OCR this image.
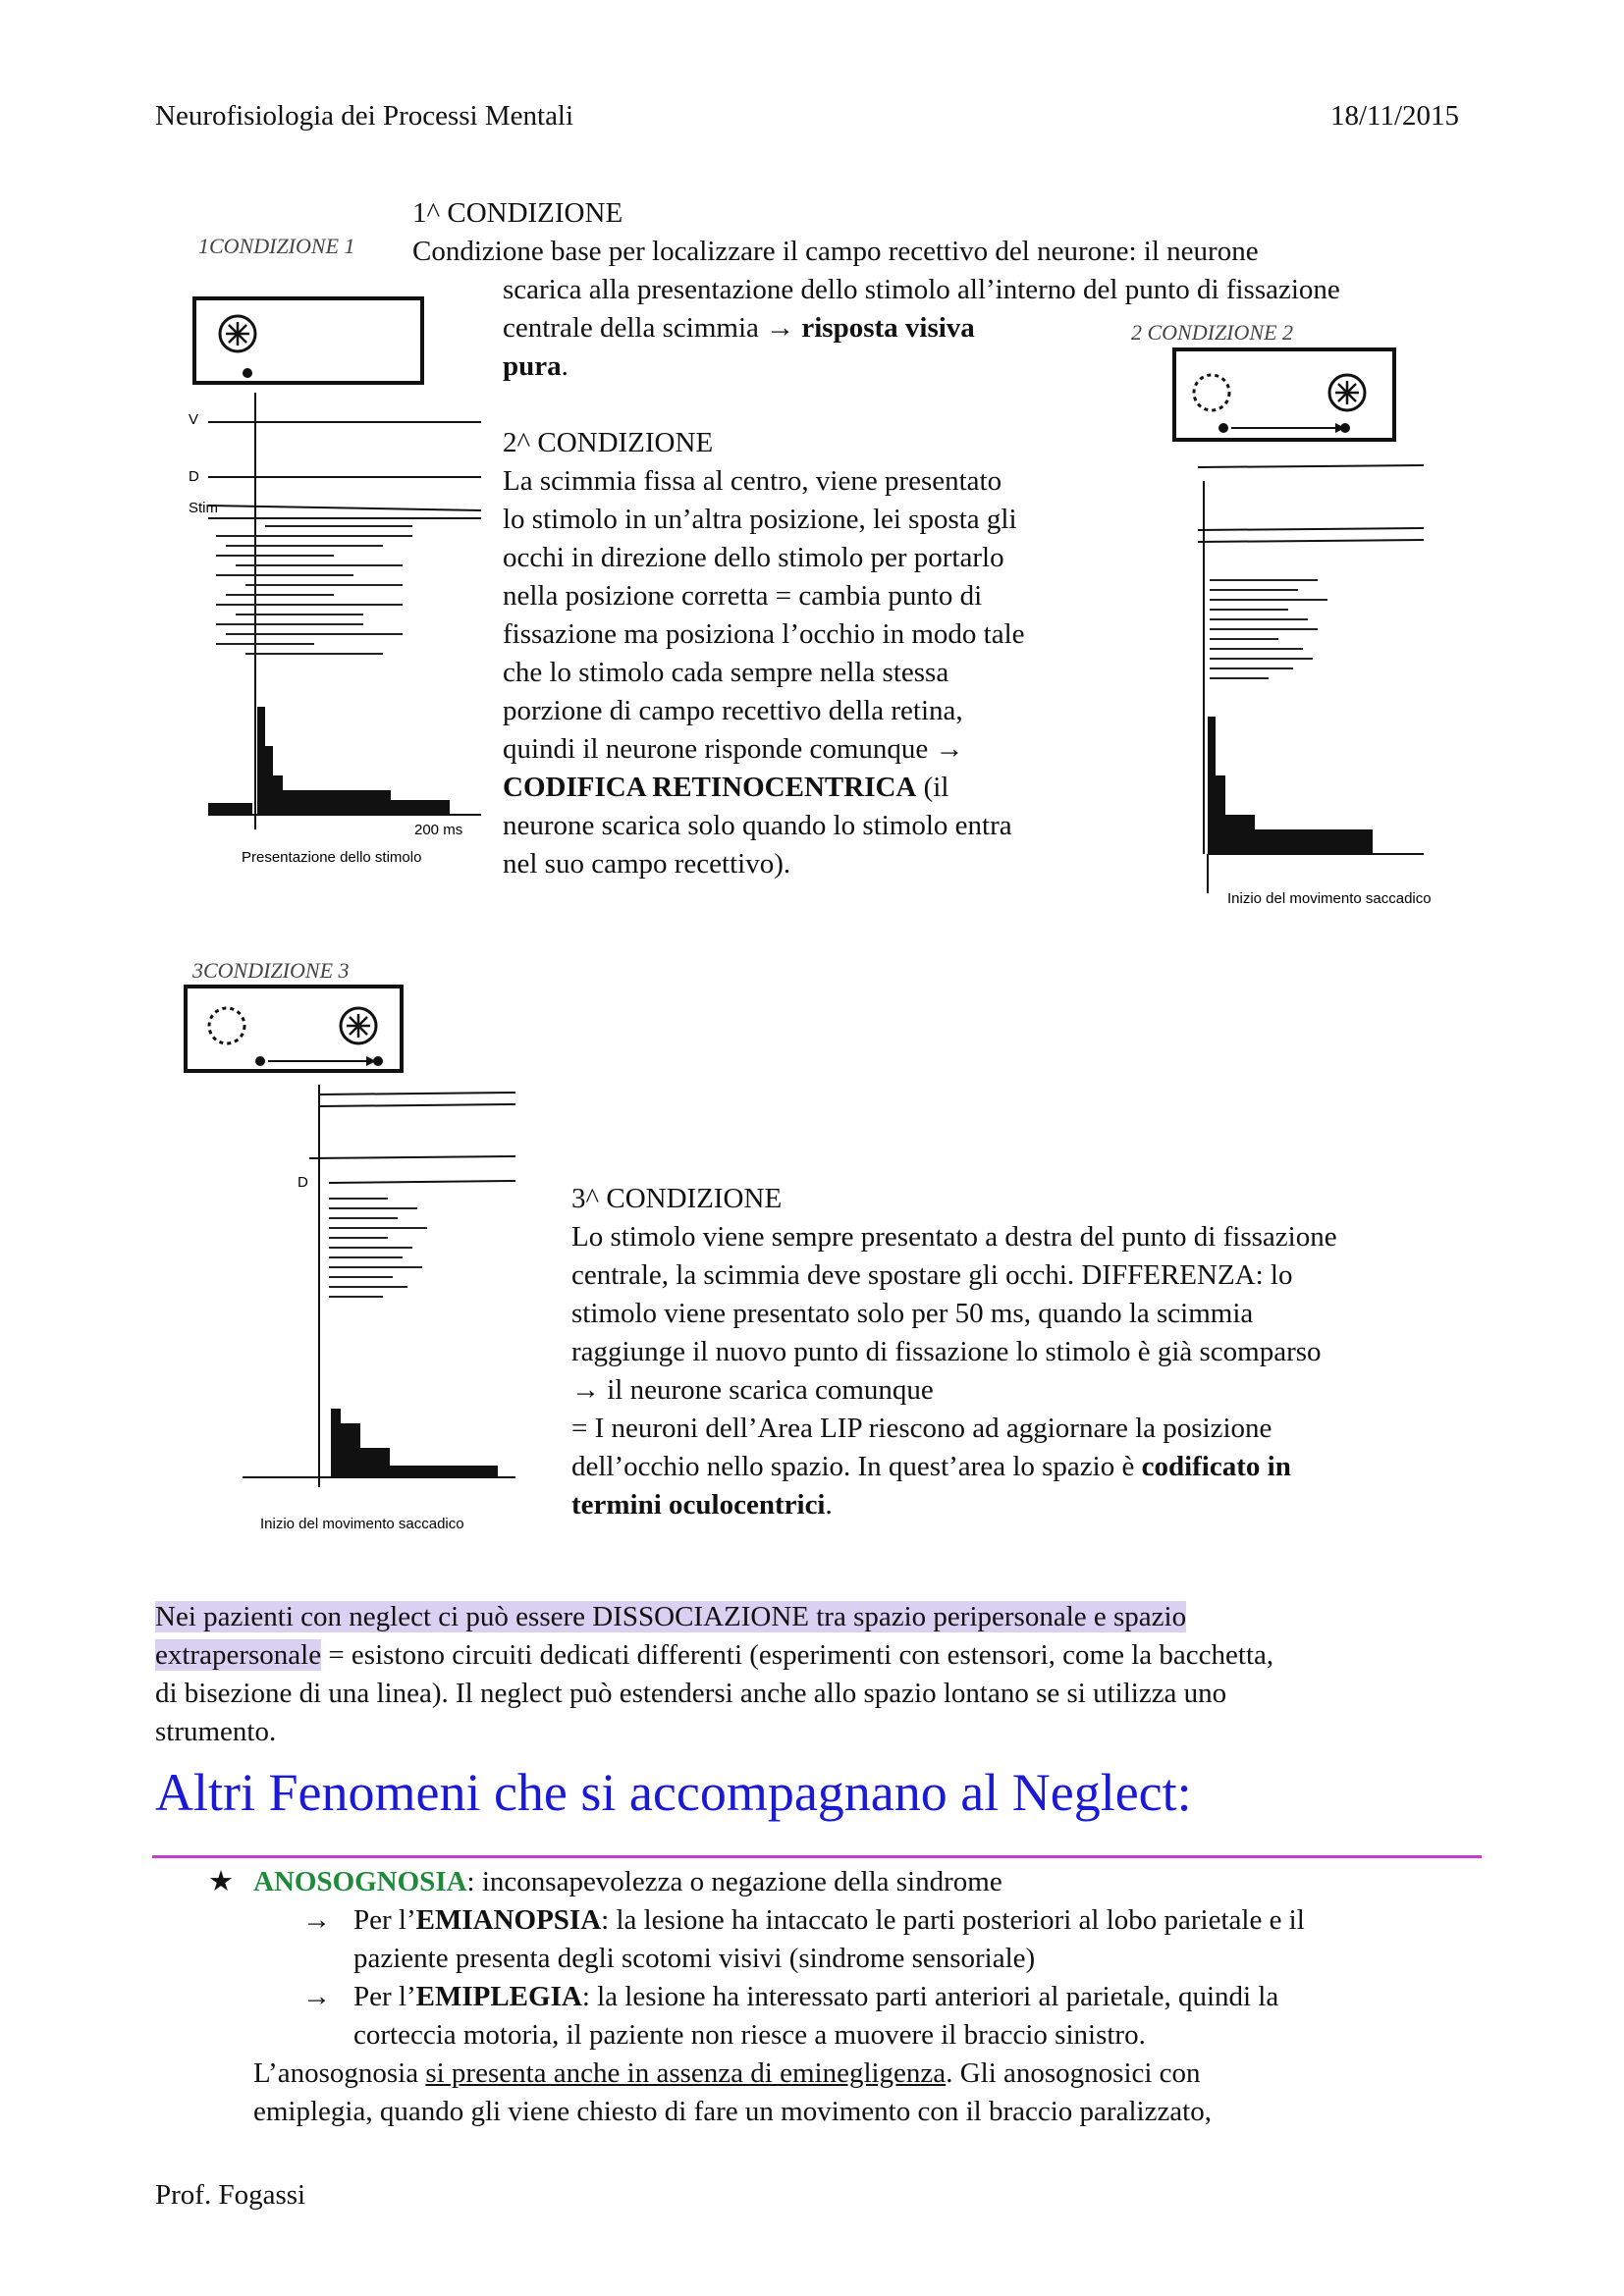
Neurofisiologia dei Processi Mentali	18/11/2015
1CONDIZIONE 1
V
D
Stim
200 ms
Presentazione dello stimolo
1^ CONDIZIONE
Condizione base per localizzare il campo recettivo del neurone: il neurone
scarica alla presentazione dello stimolo all’interno del punto di fissazione
centrale della scimmia → risposta visiva
pura.
2 CONDIZIONE 2
Inizio del movimento saccadico
2^ CONDIZIONE
La scimmia fissa al centro, viene presentato
lo stimolo in un’altra posizione, lei sposta gli
occhi in direzione dello stimolo per portarlo
nella posizione corretta = cambia punto di
fissazione ma posiziona l’occhio in modo tale
che lo stimolo cada sempre nella stessa
porzione di campo recettivo della retina,
quindi il neurone risponde comunque →
CODIFICA RETINOCENTRICA (il
neurone scarica solo quando lo stimolo entra
nel suo campo recettivo).
3CONDIZIONE 3
D
Inizio del movimento saccadico
3^ CONDIZIONE
Lo stimolo viene sempre presentato a destra del punto di fissazione
centrale, la scimmia deve spostare gli occhi. DIFFERENZA: lo
stimolo viene presentato solo per 50 ms, quando la scimmia
raggiunge il nuovo punto di fissazione lo stimolo è già scomparso
→ il neurone scarica comunque
= I neuroni dell’Area LIP riescono ad aggiornare la posizione
dell’occhio nello spazio. In quest’area lo spazio è codificato in
termini oculocentrici.
Nei pazienti con neglect ci può essere DISSOCIAZIONE tra spazio peripersonale e spazio
extrapersonale = esistono circuiti dedicati differenti (esperimenti con estensori, come la bacchetta,
di bisezione di una linea). Il neglect può estendersi anche allo spazio lontano se si utilizza uno
strumento.
Altri Fenomeni che si accompagnano al Neglect:
★ ANOSOGNOSIA: inconsapevolezza o negazione della sindrome
→ Per l’EMIANOPSIA: la lesione ha intaccato le parti posteriori al lobo parietale e il
paziente presenta degli scotomi visivi (sindrome sensoriale)
→ Per l’EMIPLEGIA: la lesione ha interessato parti anteriori al parietale, quindi la
corteccia motoria, il paziente non riesce a muovere il braccio sinistro.
L’anosognosia si presenta anche in assenza di eminegligenza. Gli anosognosici con
emiplegia, quando gli viene chiesto di fare un movimento con il braccio paralizzato,
Prof. Fogassi
